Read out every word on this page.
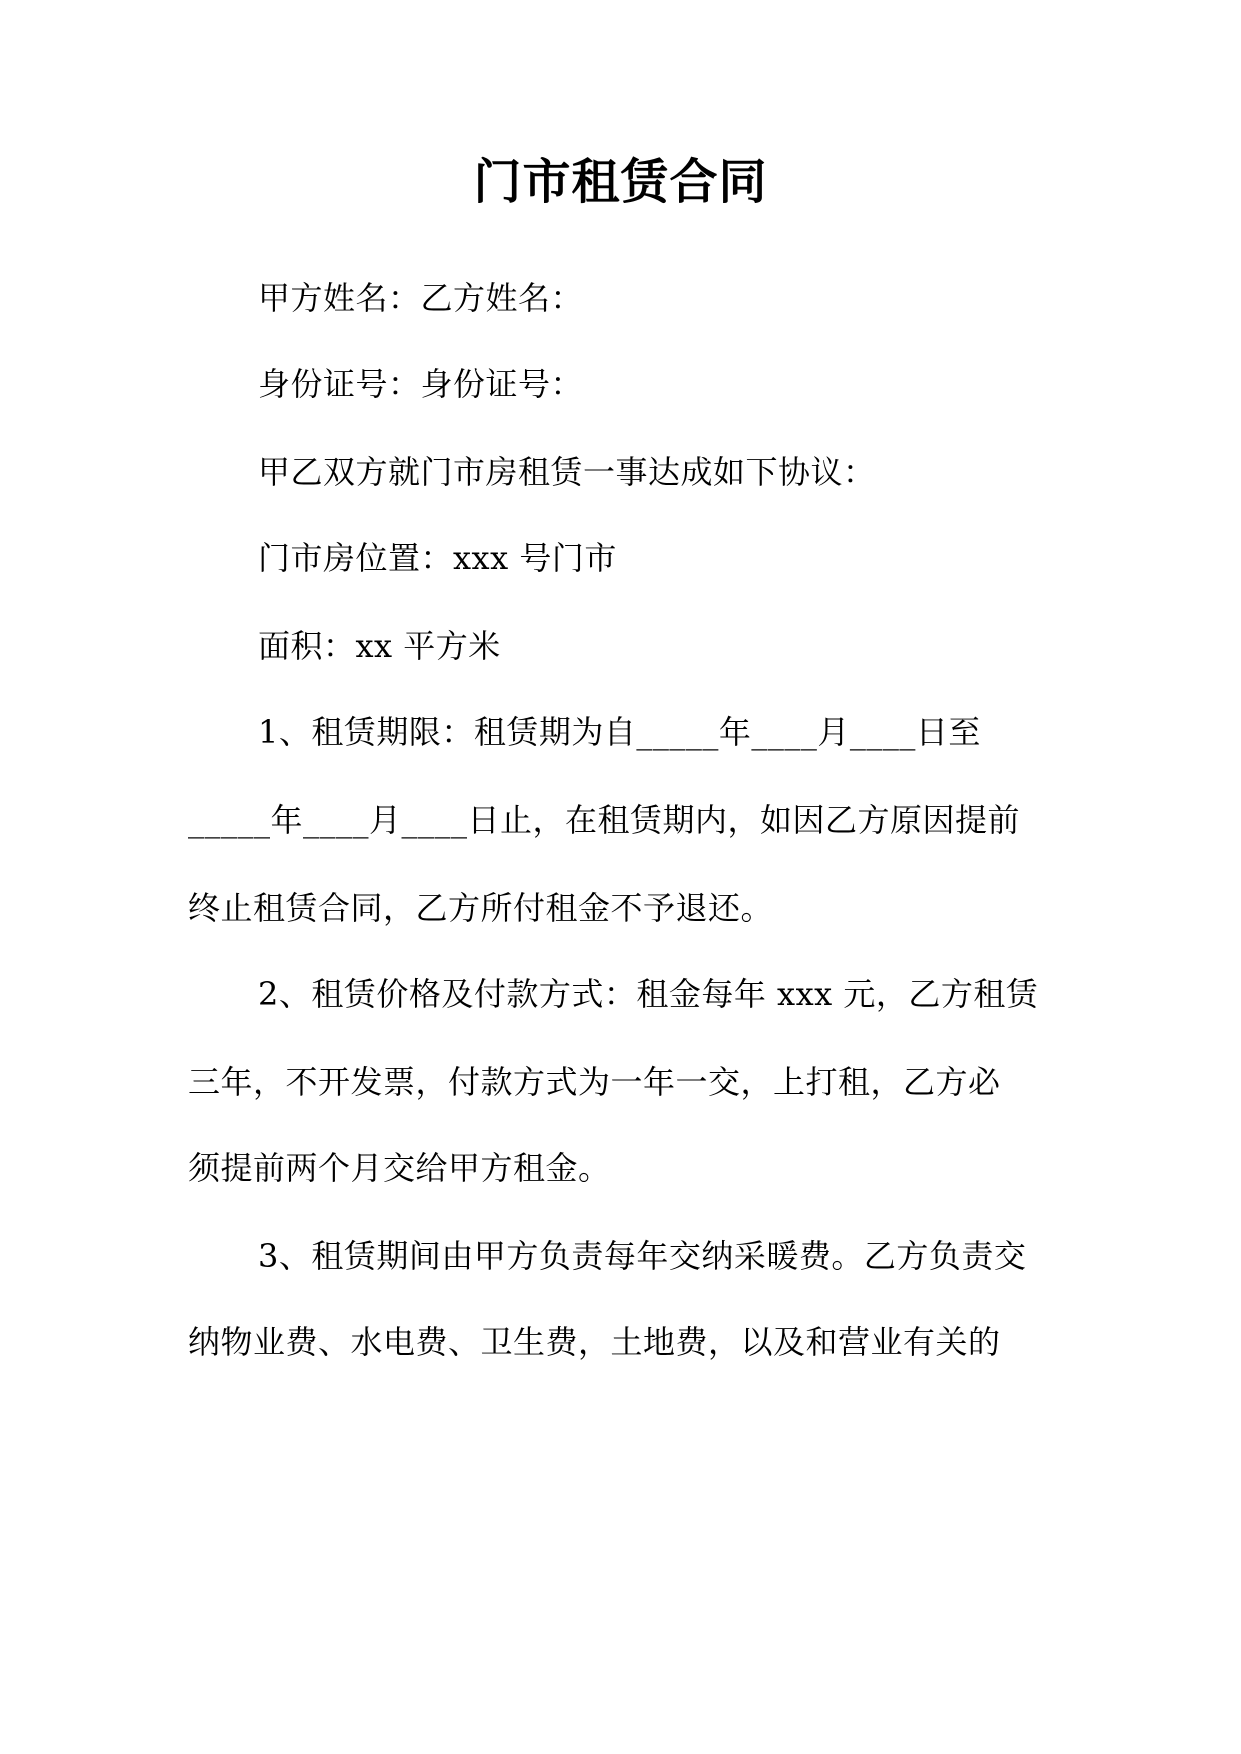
门市租赁合同
甲方姓名：乙方姓名：
身份证号：身份证号：
甲乙双方就门市房租赁一事达成如下协议：
门市房位置：xxx 号门市
面积：xx 平方米
1、租赁期限：租赁期为自_____年____月____日至
_____年____月____日止，在租赁期内，如因乙方原因提前
终止租赁合同，乙方所付租金不予退还。
2、租赁价格及付款方式：租金每年 xxx 元，乙方租赁
三年，不开发票，付款方式为一年一交，上打租，乙方必
须提前两个月交给甲方租金。
3、租赁期间由甲方负责每年交纳采暖费。乙方负责交
纳物业费、水电费、卫生费，土地费，以及和营业有关的
